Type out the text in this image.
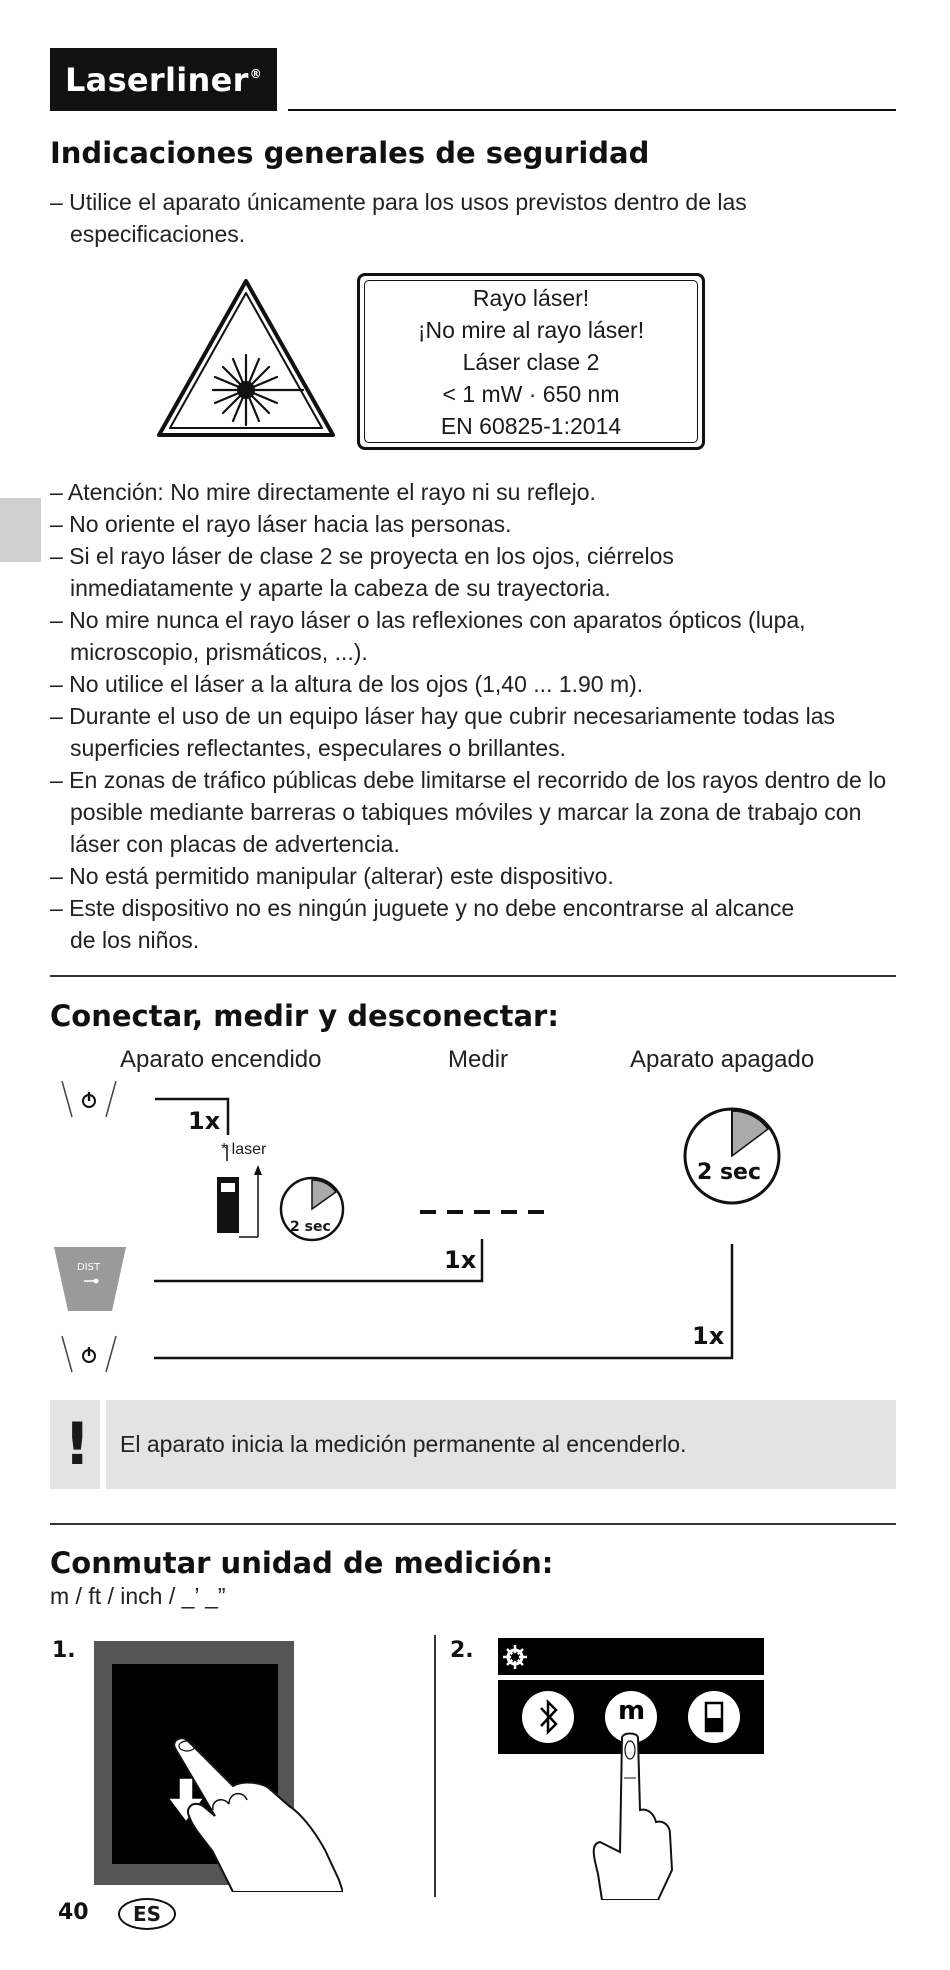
Laserliner®
Indicaciones generales de seguridad

– Utilice el aparato únicamente para los usos previstos dentro de las especificaciones.

Rayo láser!
¡No mire al rayo láser!
Láser clase 2
< 1 mW · 650 nm
EN 60825-1:2014

– Atención: No mire directamente el rayo ni su reflejo.

– No oriente el rayo láser hacia las personas.

– Si el rayo láser de clase 2 se proyecta en los ojos, ciérrelos inmediatamente y aparte la cabeza de su trayectoria.

– No mire nunca el rayo láser o las reflexiones con aparatos ópticos (lupa, microscopio, prismáticos, ...).

– No utilice el láser a la altura de los ojos (1,40 ... 1.90 m).

– Durante el uso de un equipo láser hay que cubrir necesariamente todas las superficies reflectantes, especulares o brillantes.

– En zonas de tráfico públicas debe limitarse el recorrido de los rayos dentro de lo posible mediante barreras o tabiques móviles y marcar la zona de trabajo con láser con placas de advertencia.

– No está permitido manipular (alterar) este dispositivo.

– Este dispositivo no es ningún juguete y no debe encontrarse al alcance de los niños.

Conectar, medir y desconectar:
Aparato encendido	Medir	Aparato apagado
1x
* laser
2 sec
DIST	1x
2 sec
1x
! El aparato inicia la medición permanente al encenderlo.
Conmutar unidad de medición:
m / ft / inch / _’ _”
1.	2.
m
40 ES
